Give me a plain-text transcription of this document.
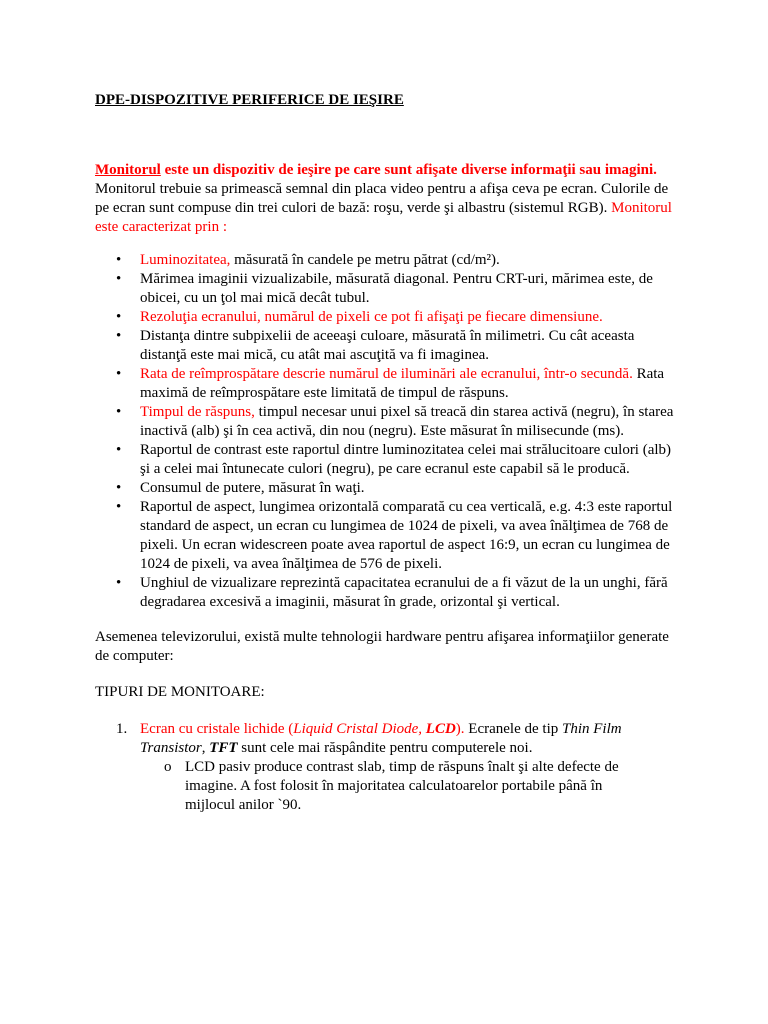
DPE-DISPOZITIVE PERIFERICE DE IEŞIRE

Monitorul este un dispozitiv de ieşire pe care sunt afişate diverse informaţii sau imagini. Monitorul trebuie sa primească semnal din placa video pentru a afişa ceva pe ecran. Culorile de pe ecran sunt compuse din trei culori de bază: roşu, verde şi albastru (sistemul RGB). Monitorul este caracterizat prin :

• Luminozitatea, măsurată în candele pe metru pătrat (cd/m²).
• Mărimea imaginii vizualizabile, măsurată diagonal. Pentru CRT-uri, mărimea este, de obicei, cu un ţol mai mică decât tubul.
• Rezoluţia ecranului, numărul de pixeli ce pot fi afişaţi pe fiecare dimensiune.
• Distanţa dintre subpixelii de aceeaşi culoare, măsurată în milimetri. Cu cât aceasta distanţă este mai mică, cu atât mai ascuţită va fi imaginea.
• Rata de reîmprospătare descrie numărul de iluminări ale ecranului, într-o secundă. Rata maximă de reîmprospătare este limitată de timpul de răspuns.
• Timpul de răspuns, timpul necesar unui pixel să treacă din starea activă (negru), în starea inactivă (alb) şi în cea activă, din nou (negru). Este măsurat în milisecunde (ms).
• Raportul de contrast este raportul dintre luminozitatea celei mai strălucitoare culori (alb) şi a celei mai întunecate culori (negru), pe care ecranul este capabil să le producă.
• Consumul de putere, măsurat în waţi.
• Raportul de aspect, lungimea orizontală comparată cu cea verticală, e.g. 4:3 este raportul standard de aspect, un ecran cu lungimea de 1024 de pixeli, va avea înălţimea de 768 de pixeli. Un ecran widescreen poate avea raportul de aspect 16:9, un ecran cu lungimea de 1024 de pixeli, va avea înălţimea de 576 de pixeli.
• Unghiul de vizualizare reprezintă capacitatea ecranului de a fi văzut de la un unghi, fără degradarea excesivă a imaginii, măsurat în grade, orizontal şi vertical.

Asemenea televizorului, există multe tehnologii hardware pentru afişarea informaţiilor generate de computer:

TIPURI DE MONITOARE:

1. Ecran cu cristale lichide (Liquid Cristal Diode, LCD). Ecranele de tip Thin Film Transistor, TFT sunt cele mai răspândite pentru computerele noi.
o LCD pasiv produce contrast slab, timp de răspuns înalt şi alte defecte de imagine. A fost folosit în majoritatea calculatoarelor portabile până în mijlocul anilor `90.
